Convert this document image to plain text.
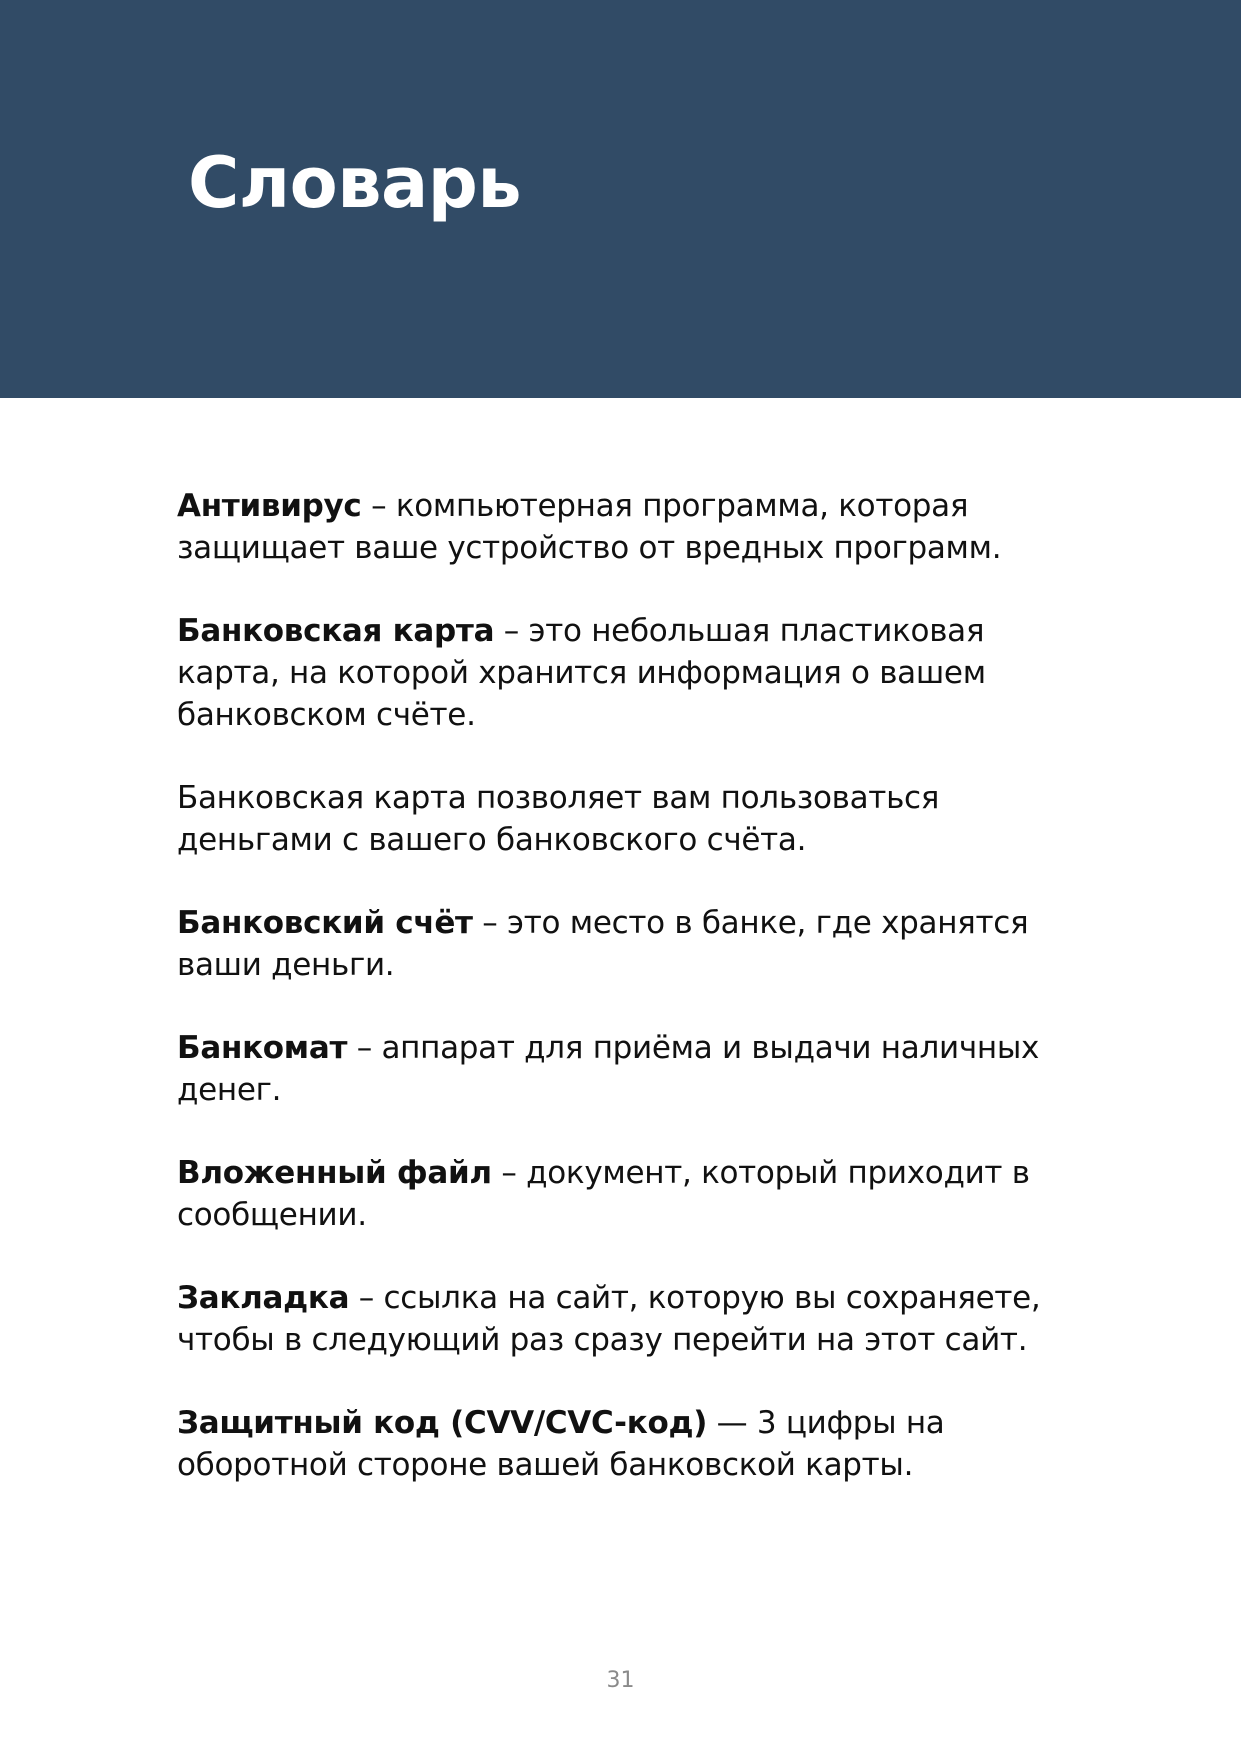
Словарь

Антивирус – компьютерная программа, которая защищает ваше устройство от вредных программ.

Банковская карта – это небольшая пластиковая карта, на которой хранится информация о вашем банковском счёте.

Банковская карта позволяет вам пользоваться деньгами с вашего банковского счёта.

Банковский счёт – это место в банке, где хранятся ваши деньги.

Банкомат – аппарат для приёма и выдачи наличных денег.

Вложенный файл – документ, который приходит в сообщении.

Закладка – ссылка на сайт, которую вы сохраняете, чтобы в следующий раз сразу перейти на этот сайт.

Защитный код (CVV/CVC-код) — 3 цифры на оборотной стороне вашей банковской карты.

31
